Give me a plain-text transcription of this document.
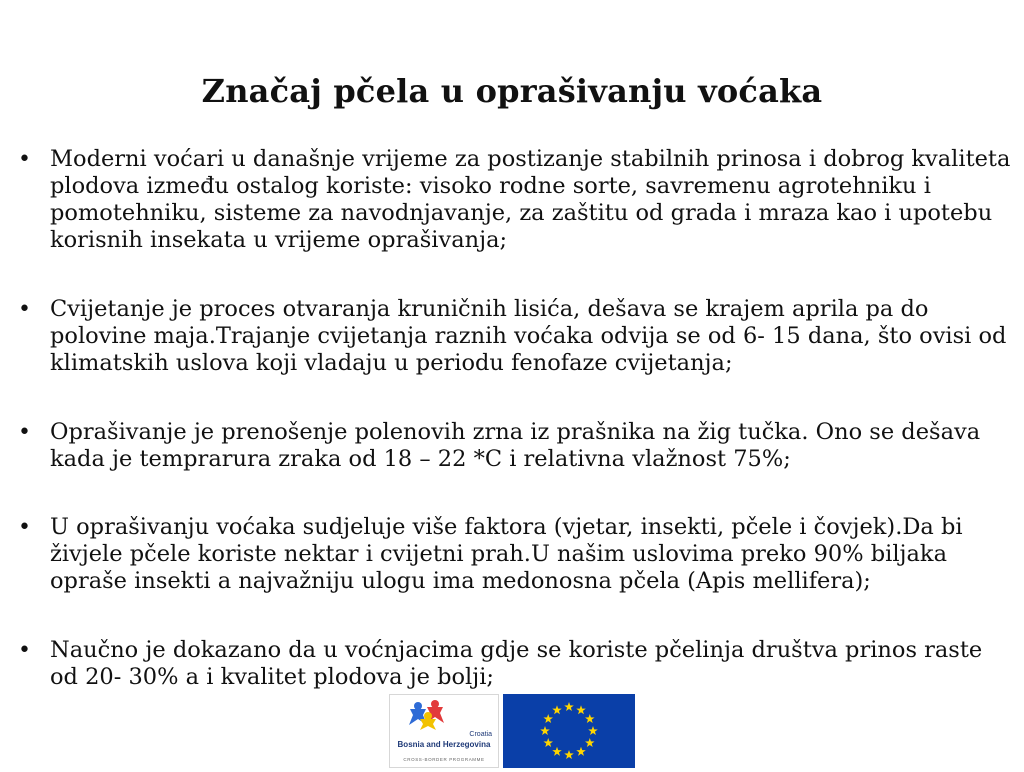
Značaj pčela u oprašivanju voćaka
• Moderni voćari u današnje vrijeme za postizanje stabilnih prinosa i dobrog kvaliteta plodova između ostalog koriste: visoko rodne sorte, savremenu agrotehniku i pomotehniku, sisteme za navodnjavanje, za zaštitu od grada i mraza kao i upotebu korisnih insekata u vrijeme oprašivanja;
• Cvijetanje je proces otvaranja kruničnih lisića, dešava se krajem aprila pa do polovine maja.Trajanje cvijetanja raznih voćaka odvija se od 6- 15 dana, što ovisi od klimatskih uslova koji vladaju u periodu fenofaze cvijetanja;
• Oprašivanje je prenošenje polenovih zrna iz prašnika na žig tučka. Ono se dešava kada je temprarura zraka od 18 – 22 *C i relativna vlažnost 75%;
• U oprašivanju voćaka sudjeluje više faktora (vjetar, insekti, pčele i čovjek).Da bi živjele pčele koriste nektar i cvijetni prah.U našim uslovima preko 90% biljaka opraše insekti a najvažniju ulogu ima medonosna pčela (Apis mellifera);
• Naučno je dokazano da u voćnjacima gdje se koriste pčelinja društva prinos raste od 20- 30% a i kvalitet plodova je bolji;
Croatia
Bosnia and Herzegovina
CROSS-BORDER PROGRAMME
